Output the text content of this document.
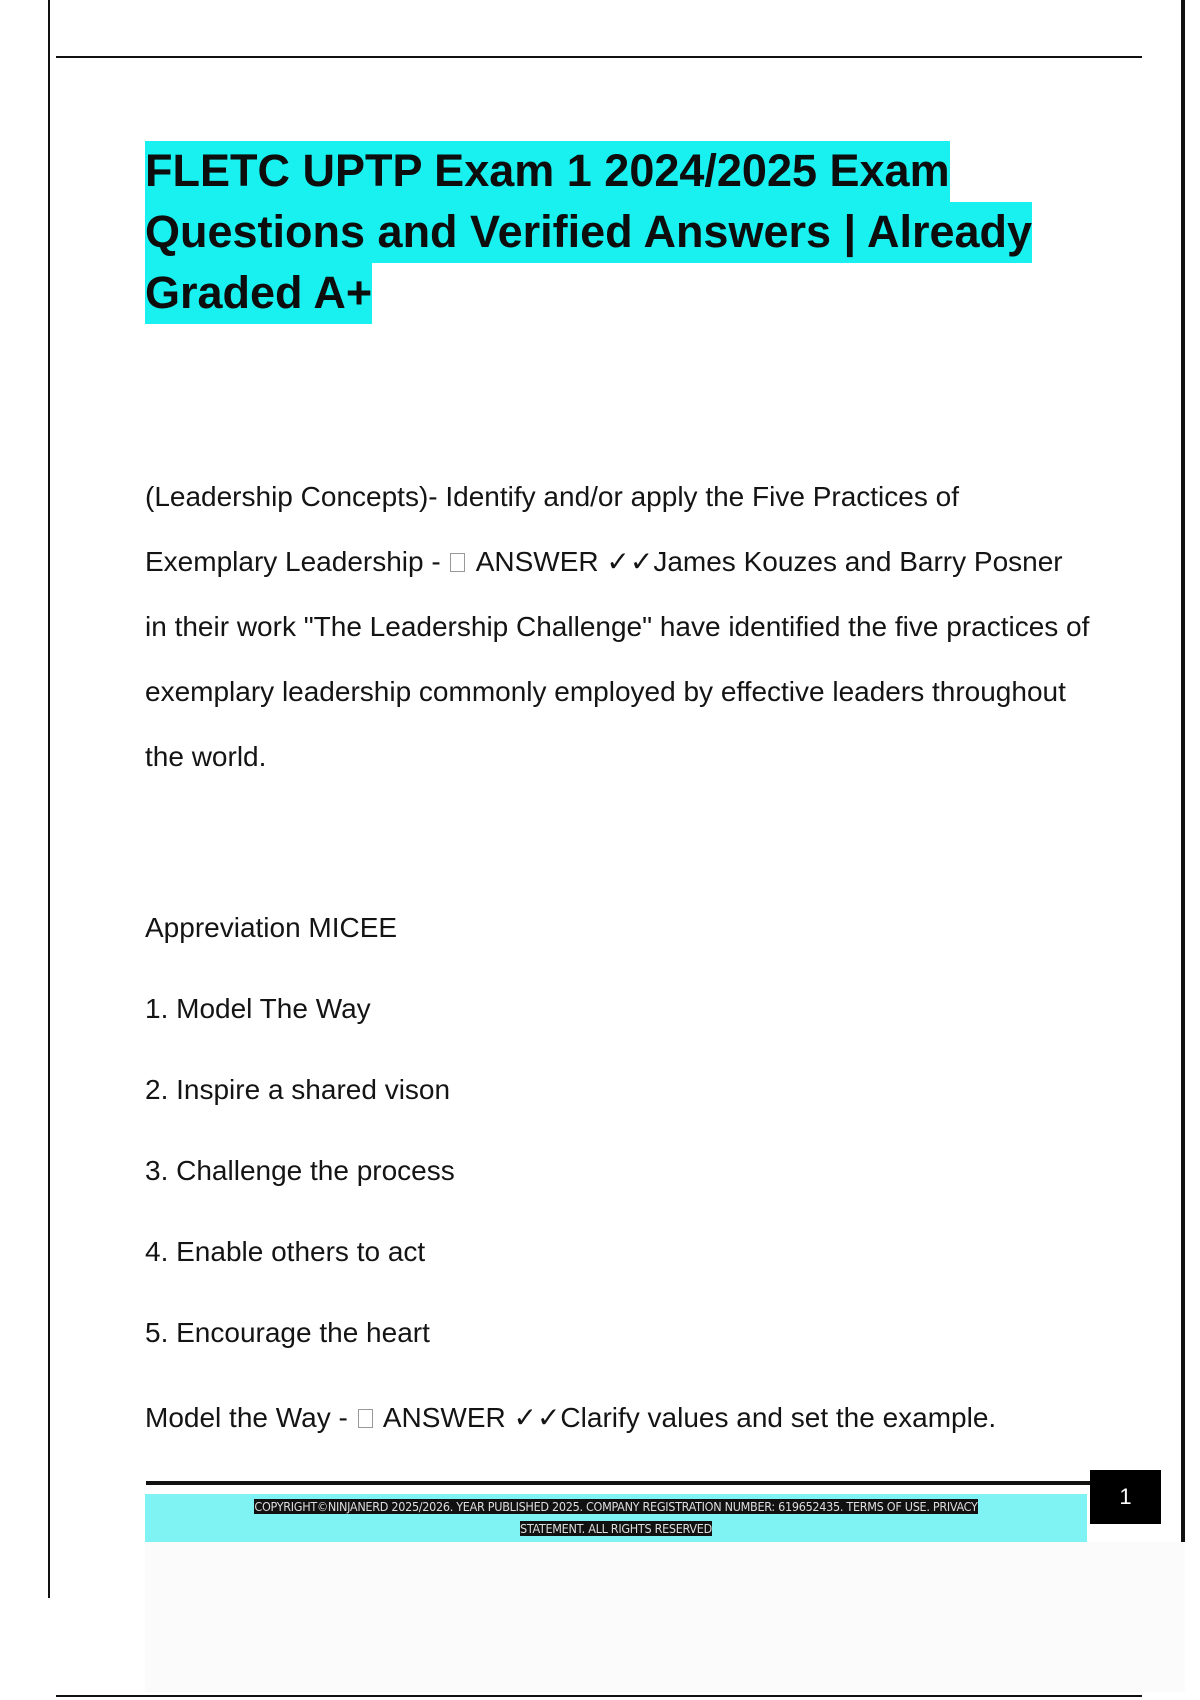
FLETC UPTP Exam 1 2024/2025 Exam Questions and Verified Answers | Already Graded A+
(Leadership Concepts)- Identify and/or apply the Five Practices of Exemplary Leadership -  ANSWER ✓✓James Kouzes and Barry Posner in their work "The Leadership Challenge" have identified the five practices of exemplary leadership commonly employed by effective leaders throughout the world.
Appreviation MICEE
1. Model The Way
2. Inspire a shared vison
3. Challenge the process
4. Enable others to act
5. Encourage the heart
Model the Way -  ANSWER ✓✓Clarify values and set the example.
COPYRIGHT©NINJANERD 2025/2026. YEAR PUBLISHED 2025. COMPANY REGISTRATION NUMBER: 619652435. TERMS OF USE. PRIVACY
STATEMENT. ALL RIGHTS RESERVED
1
